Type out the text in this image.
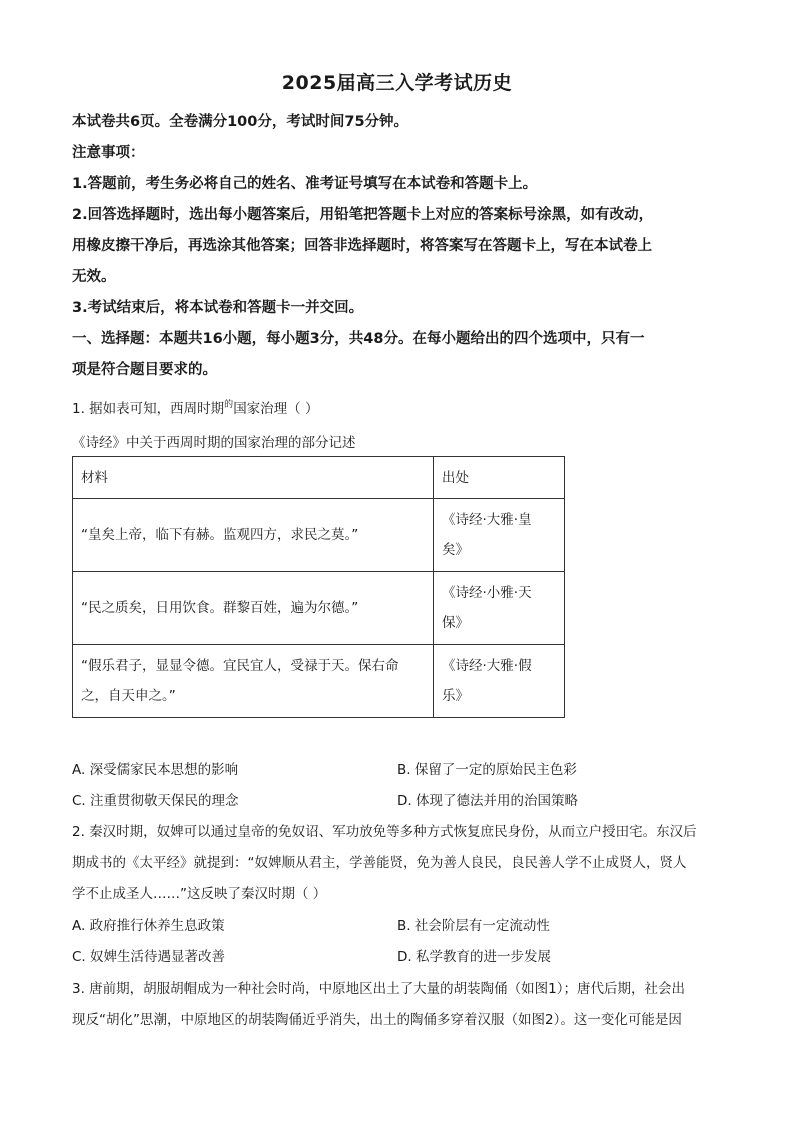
2025届高三入学考试历史
本试卷共6页。全卷满分100分，考试时间75分钟。
注意事项：
1.答题前，考生务必将自己的姓名、准考证号填写在本试卷和答题卡上。
2.回答选择题时，选出每小题答案后，用铅笔把答题卡上对应的答案标号涂黑，如有改动，
用橡皮擦干净后，再选涂其他答案；回答非选择题时，将答案写在答题卡上，写在本试卷上
无效。
3.考试结束后，将本试卷和答题卡一并交回。
一、选择题：本题共16小题，每小题3分，共48分。在每小题给出的四个选项中，只有一
项是符合题目要求的。
1. 据如表可知，西周时期$^的$国家治理（ ）
《诗经》中关于西周时期的国家治理的部分记述
材料	出处
“皇矣上帝，临下有赫。监观四方，求民之莫。”	《诗经·大雅·皇
矣》
“民之质矣，日用饮食。群黎百姓，遍为尔德。”	《诗经·小雅·天
保》
“假乐君子，显显令德。宜民宜人，受禄于天。保右命
之，自天申之。”	《诗经·大雅·假
乐》
A. 深受儒家民本思想的影响	B. 保留了一定的原始民主色彩
C. 注重贯彻敬天保民的理念	D. 体现了德法并用的治国策略
2. 秦汉时期，奴婢可以通过皇帝的免奴诏、军功放免等多种方式恢复庶民身份，从而立户授田宅。东汉后
期成书的《太平经》就提到：“奴婢顺从君主，学善能贤，免为善人良民，良民善人学不止成贤人，贤人
学不止成圣人……”这反映了秦汉时期（ ）
A. 政府推行休养生息政策	B. 社会阶层有一定流动性
C. 奴婢生活待遇显著改善	D. 私学教育的进一步发展
3. 唐前期，胡服胡帽成为一种社会时尚，中原地区出土了大量的胡装陶俑（如图1）；唐代后期，社会出
现反“胡化”思潮，中原地区的胡装陶俑近乎消失，出土的陶俑多穿着汉服（如图2）。这一变化可能是因
